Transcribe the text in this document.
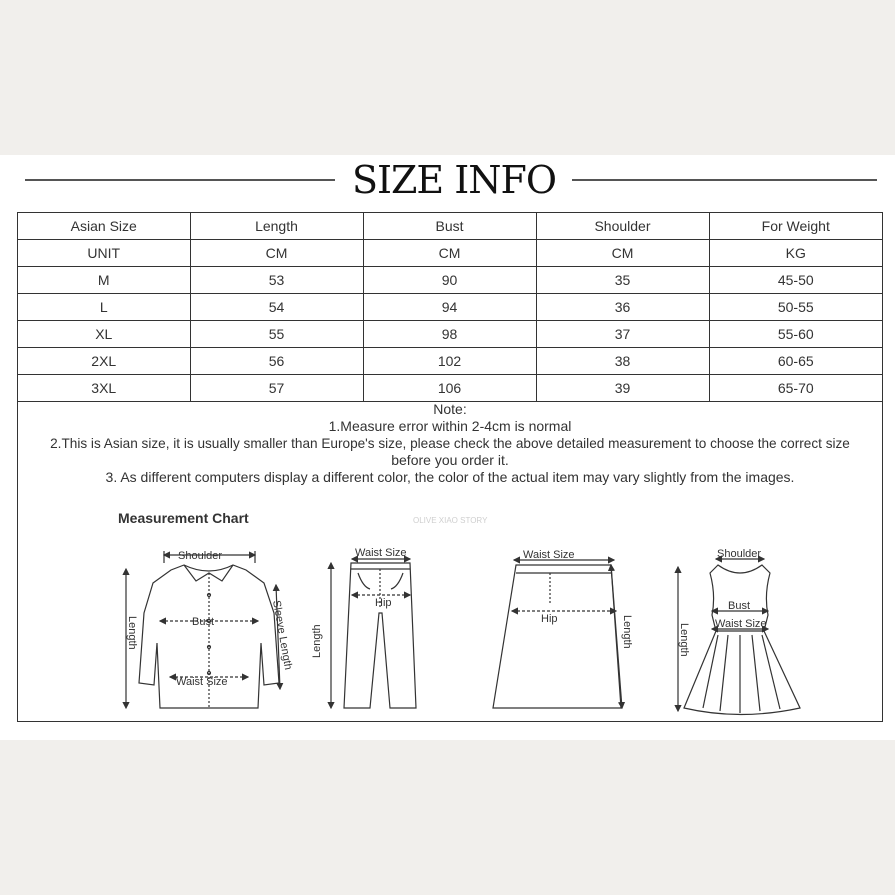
SIZE INFO
Asian Size	Length	Bust	Shoulder	For Weight
UNIT	CM	CM	CM	KG
M	53	90	35	45-50
L	54	94	36	50-55
XL	55	98	37	55-60
2XL	56	102	38	60-65
3XL	57	106	39	65-70
Note:
1.Measure error within 2-4cm is normal
2.This is Asian size, it is usually smaller than Europe's size, please check the above detailed measurement to choose the correct size
before you order it.
3. As different computers display a different color, the color of the actual item may vary slightly from the images.
Measurement Chart	OLIVE XIAO STORY
Shoulder
Bust
Waist Size
Length	Sleeve Length
Waist Size
Hip
Length
Waist Size
Hip	Length
Shoulder
Bust
Waist Size
Length
